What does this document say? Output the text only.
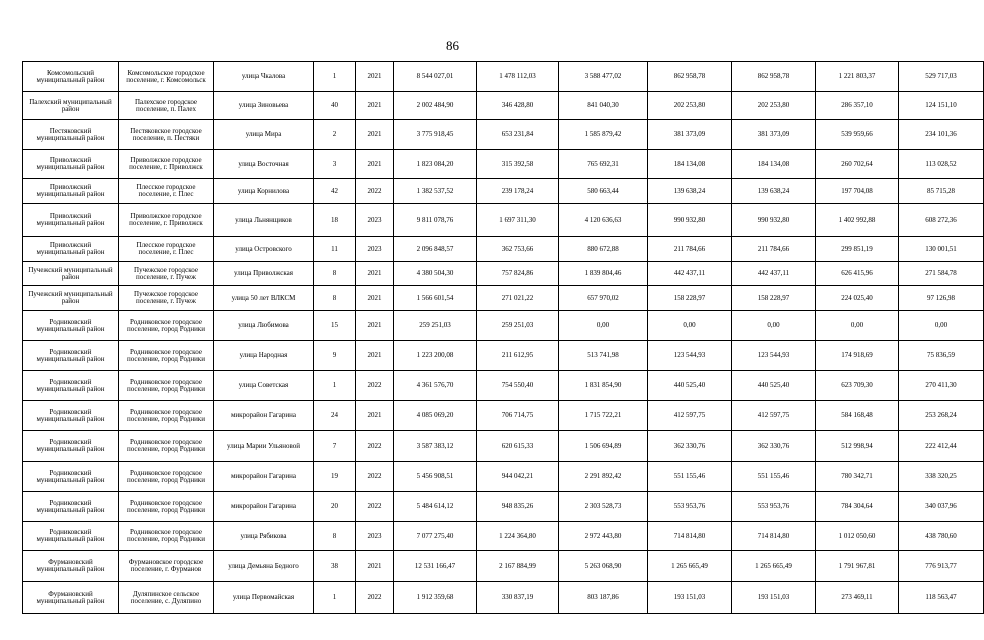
86
Комсомольский муниципальный район	Комсомольское городское поселение, г. Комсомольск	улица Чкалова	1	2021	8 544 027,01	1 478 112,03	3 588 477,02	862 958,78	862 958,78	1 221 803,37	529 717,03
Палехский муниципальный район	Палехское городское поселение, п. Палех	улица Зиновьева	40	2021	2 002 484,90	346 428,80	841 040,30	202 253,80	202 253,80	286 357,10	124 151,10
Пестяковский муниципальный район	Пестяковское городское поселение, п. Пестяки	улица Мира	2	2021	3 775 918,45	653 231,84	1 585 879,42	381 373,09	381 373,09	539 959,66	234 101,36
Приволжский муниципальный район	Приволжское городское поселение, г. Приволжск	улица Восточная	3	2021	1 823 084,20	315 392,58	765 692,31	184 134,08	184 134,08	260 702,64	113 028,52
Приволжский муниципальный район	Плесское городское поселение, г. Плес	улица Корнилова	42	2022	1 382 537,52	239 178,24	580 663,44	139 638,24	139 638,24	197 704,08	85 715,28
Приволжский муниципальный район	Приволжское городское поселение, г. Приволжск	улица Льнянщиков	18	2023	9 811 078,76	1 697 311,30	4 120 636,63	990 932,80	990 932,80	1 402 992,88	608 272,36
Приволжский муниципальный район	Плесское городское поселение, г. Плес	улица Островского	11	2023	2 096 848,57	362 753,66	880 672,88	211 784,66	211 784,66	299 851,19	130 001,51
Пучежский муниципальный район	Пучежское городское поселение, г. Пучеж	улица Приволжская	8	2021	4 380 504,30	757 824,86	1 839 804,46	442 437,11	442 437,11	626 415,96	271 584,78
Пучежский муниципальный район	Пучежское городское поселение, г. Пучеж	улица 50 лет ВЛКСМ	8	2021	1 566 601,54	271 021,22	657 970,02	158 228,97	158 228,97	224 025,40	97 126,98
Родниковский муниципальный район	Родниковское городское поселение, город Родники	улица Любимова	15	2021	259 251,03	259 251,03	0,00	0,00	0,00	0,00	0,00
Родниковский муниципальный район	Родниковское городское поселение, город Родники	улица Народная	9	2021	1 223 200,08	211 612,95	513 741,98	123 544,93	123 544,93	174 918,69	75 836,59
Родниковский муниципальный район	Родниковское городское поселение, город Родники	улица Советская	1	2022	4 361 576,70	754 550,40	1 831 854,90	440 525,40	440 525,40	623 709,30	270 411,30
Родниковский муниципальный район	Родниковское городское поселение, город Родники	микрорайон Гагарина	24	2021	4 085 069,20	706 714,75	1 715 722,21	412 597,75	412 597,75	584 168,48	253 268,24
Родниковский муниципальный район	Родниковское городское поселение, город Родники	улица Марии Ульяновой	7	2022	3 587 383,12	620 615,33	1 506 694,89	362 330,76	362 330,76	512 998,94	222 412,44
Родниковский муниципальный район	Родниковское городское поселение, город Родники	микрорайон Гагарина	19	2022	5 456 908,51	944 042,21	2 291 892,42	551 155,46	551 155,46	780 342,71	338 320,25
Родниковский муниципальный район	Родниковское городское поселение, город Родники	микрорайон Гагарина	20	2022	5 484 614,12	948 835,26	2 303 528,73	553 953,76	553 953,76	784 304,64	340 037,96
Родниковский муниципальный район	Родниковское городское поселение, город Родники	улица Рябикова	8	2023	7 077 275,40	1 224 364,80	2 972 443,80	714 814,80	714 814,80	1 012 050,60	438 780,60
Фурмановский муниципальный район	Фурмановское городское поселение, г. Фурманов	улица Демьяна Бедного	38	2021	12 531 166,47	2 167 884,99	5 263 068,90	1 265 665,49	1 265 665,49	1 791 967,81	776 913,77
Фурмановский муниципальный район	Дуляпинское сельское поселение, с. Дуляпино	улица Первомайская	1	2022	1 912 359,68	330 837,19	803 187,86	193 151,03	193 151,03	273 469,11	118 563,47
